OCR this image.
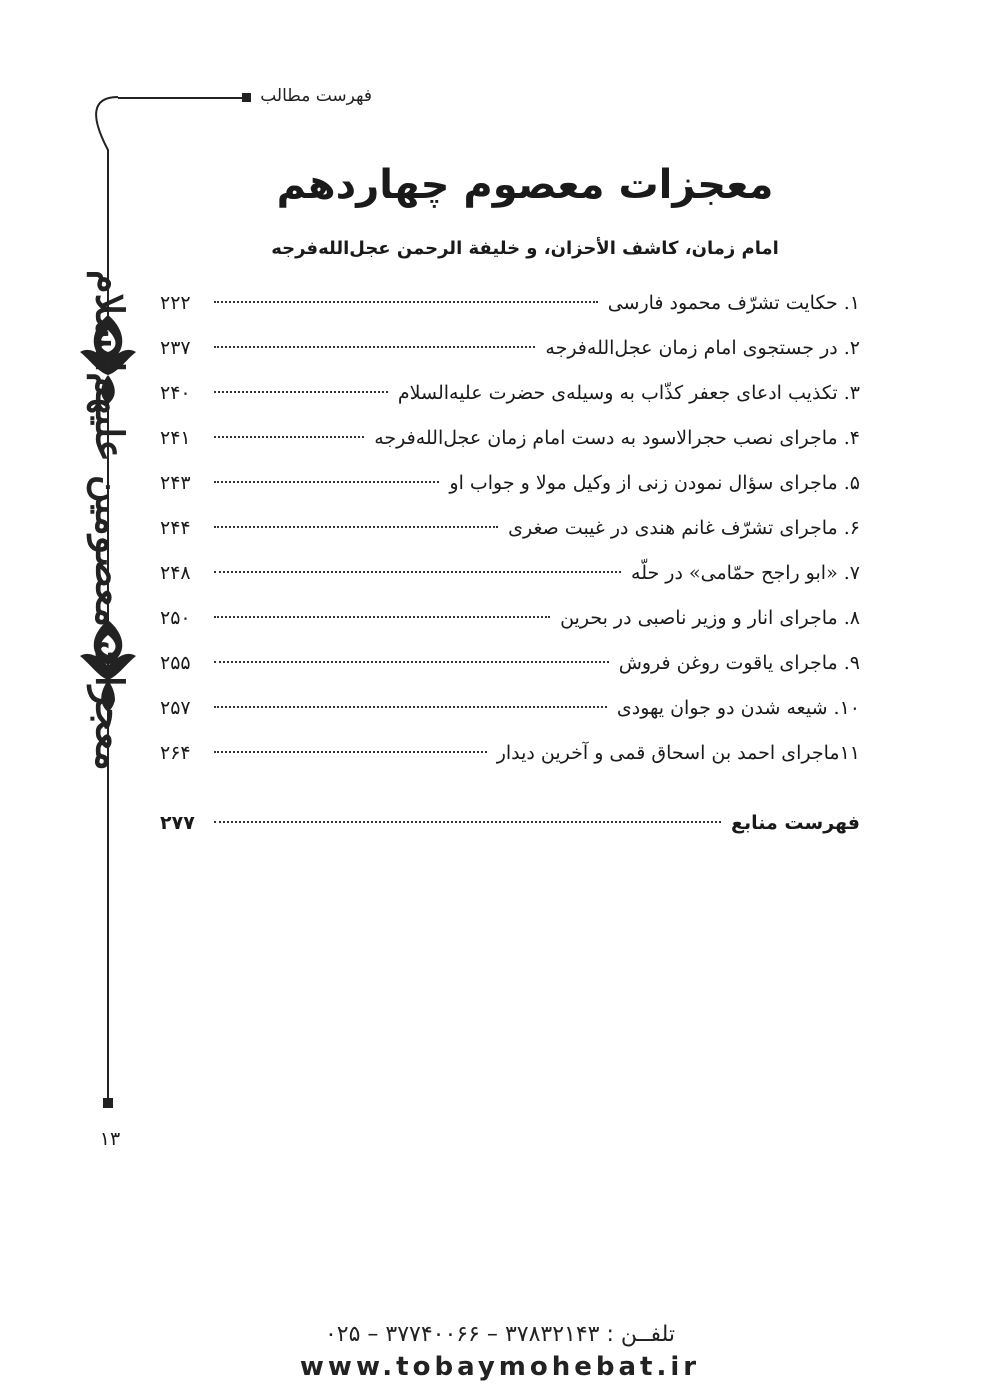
فهرست مطالب
معجزات معصومین علیهم‌السلام
۱۳
معجزات معصوم چهاردهم
امام زمان، کاشف الأحزان، و خلیفة الرحمن عجل‌الله‌فرجه
۱. حکایت تشرّف محمود فارسی
۲۲۲
۲. در جستجوی امام زمان عجل‌الله‌فرجه
۲۳۷
۳. تکذیب ادعای جعفر کذّاب به وسیله‌ی حضرت علیه‌السلام
۲۴۰
۴. ماجرای نصب حجرالاسود به دست امام زمان عجل‌الله‌فرجه
۲۴۱
۵. ماجرای سؤال نمودن زنی از وکیل مولا و جواب او
۲۴۳
۶. ماجرای تشرّف غانم هندی در غیبت صغری
۲۴۴
۷. «ابو راجح حمّامی» در حلّه
۲۴۸
۸. ماجرای انار و وزیر ناصبی در بحرین
۲۵۰
۹. ماجرای یاقوت روغن فروش
۲۵۵
۱۰. شیعه شدن دو جوان یهودی
۲۵۷
۱۱ماجرای احمد بن اسحاق قمی و آخرین دیدار
۲۶۴
فهرست منابع
۲۷۷
تلفــن : ۳۷۸۳۲۱۴۳ – ۳۷۷۴۰۰۶۶ – ۰۲۵
www.tobaymohebat.ir
